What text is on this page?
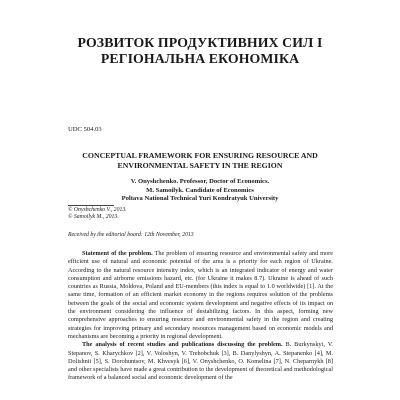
РОЗВИТОК ПРОДУКТИВНИХ СИЛ І
РЕГІОНАЛЬНА ЕКОНОМІКА
UDC 504.03
CONCEPTUAL FRAMEWORK FOR ENSURING RESOURCE AND
ENVIRONMENTAL SAFETY IN THE REGION
V. Onyshchenko. Professor, Doctor of Economics.
M. Samoilyk. Candidate of Economics
Poltava National Technical Yuri Kondratyuk University
© Onyshchenko V., 2013.
© Samoilyk M., 2013.
Received by the editorial board: 12th November, 2013

Statement of the problem. The problem of ensuring resource and environmental safety and more efficient use of natural and economic potential of the area is a priority for each region of Ukraine. According to the natural resource intensity index, which is an integrated indicator of energy and water consumption and airborne emissions hazard, etc. (for Ukraine it makes 8.7). Ukraine is ahead of such countries as Russia, Moldova, Poland and EU-members (this index is equal to 1.0 worldwide) [1]. At the same time, formation of an efficient market economy in the regions requires solution of the problems between the goals of the social and economic system development and negative effects of its impact on the environment considering the influence of destabilizing factors. In this aspect, forming new comprehensive approaches to ensuring resource and environmental safety in the region and creating strategies for improving primary and secondary resources management based on economic models and mechanisms are becoming a priority in regional development.

The analysis of recent studies and publications discussing the problem. B. Burkynskyi, V. Stepanov, S. Kharychkov [2], V. Voloshyn, V. Trehobchuk [3], B. Danylyshyn, A. Stepanenko [4], M. Dolishnii [5], S. Dorohuntsov, M. Khvesyk [6], V. Onyshchenko, O. Komelina [7], N. Cheparnykh [8] and other specialists have made a great contribution to the development of theoretical and methodological framework of a balanced social and economic development of the
